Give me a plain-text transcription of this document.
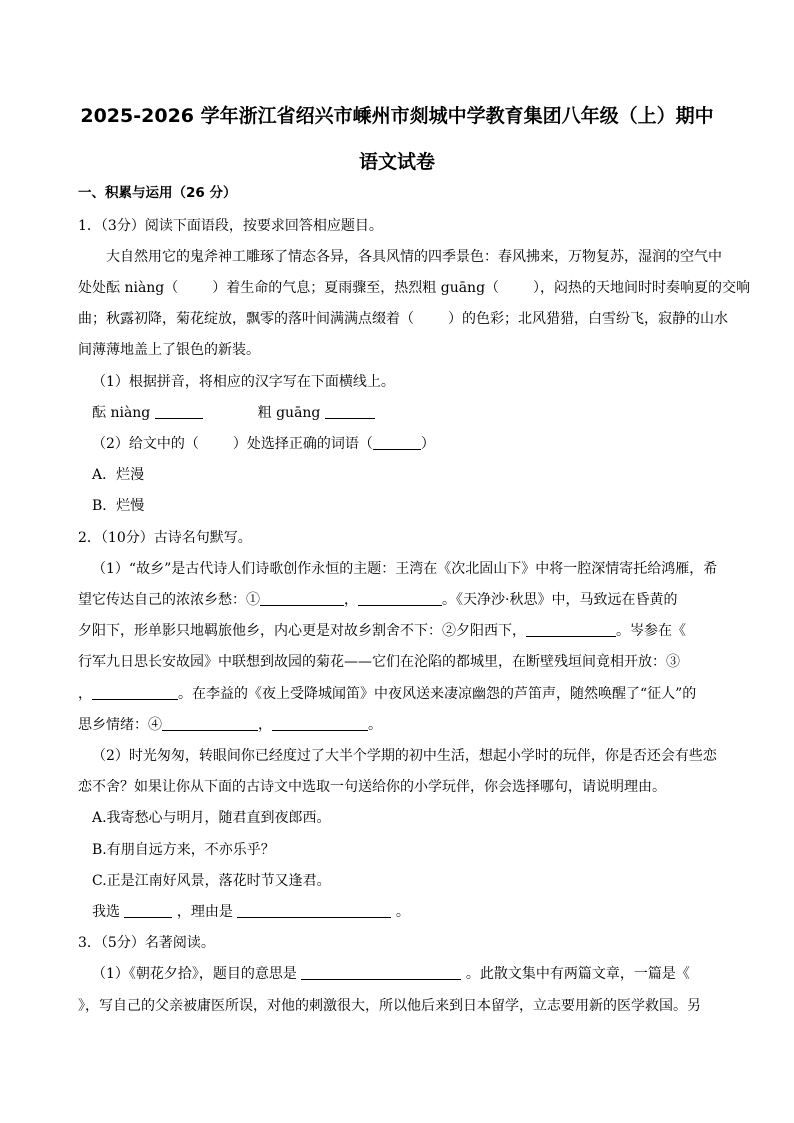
2025-2026 学年浙江省绍兴市嵊州市剡城中学教育集团八年级（上）期中
语文试卷
一、积累与运用（26 分）
1．（3分）阅读下面语段，按要求回答相应题目。
大自然用它的鬼斧神工雕琢了情态各异，各具风情的四季景色：春风拂来，万物复苏，湿润的空气中
处处酝 niàng（ ）着生命的气息；夏雨骤至，热烈粗 guāng（ ），闷热的天地间时时奏响夏的交响
曲；秋露初降，菊花绽放，飘零的落叶间满满点缀着（ ）的色彩；北风猎猎，白雪纷飞，寂静的山水
间薄薄地盖上了银色的新装。
（1）根据拼音，将相应的汉字写在下面横线上。
酝 niàng	粗 guāng
（2）给文中的（ ）处选择正确的词语（	）
A．烂漫
B．烂慢
2．（10分）古诗名句默写。
（1）“故乡”是古代诗人们诗歌创作永恒的主题：王湾在《次北固山下》中将一腔深情寄托给鸿雁，希
望它传达自己的浓浓乡愁：①	，	。《天净沙·秋思》中，马致远在昏黄的
夕阳下，形单影只地羁旅他乡，内心更是对故乡割舍不下：②夕阳西下，	。岑参在《
行军九日思长安故园》中联想到故园的菊花——它们在沦陷的都城里，在断壁残垣间竟相开放：③
，	。在李益的《夜上受降城闻笛》中夜风送来凄凉幽怨的芦笛声，随然唤醒了“征人”的
思乡情绪：④	，	。
（2）时光匆匆，转眼间你已经度过了大半个学期的初中生活，想起小学时的玩伴，你是否还会有些恋
恋不舍？如果让你从下面的古诗文中选取一句送给你的小学玩伴，你会选择哪句，请说明理由。
A.我寄愁心与明月，随君直到夜郎西。
B.有朋自远方来，不亦乐乎？
C.正是江南好风景，落花时节又逢君。
我选	，理由是	。
3．（5分）名著阅读。
（1）《朝花夕拾》，题目的意思是	。此散文集中有两篇文章，一篇是《
》，写自己的父亲被庸医所误，对他的刺激很大，所以他后来到日本留学，立志要用新的医学救国。另
